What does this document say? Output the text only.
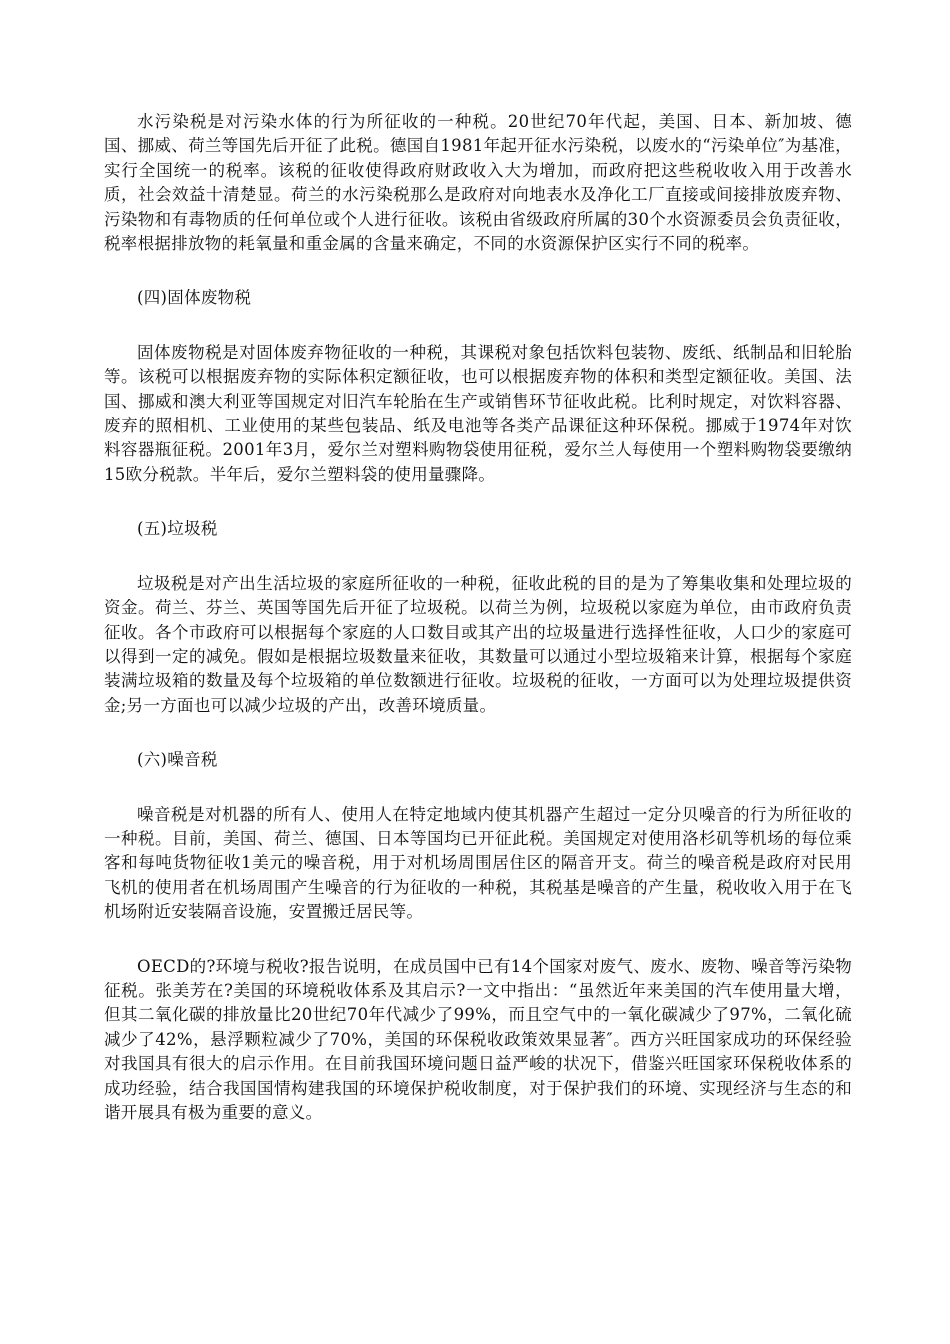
水污染税是对污染水体的行为所征收的一种税。20世纪70年代起，美国、日本、新加坡、德国、挪威、荷兰等国先后开征了此税。德国自1981年起开征水污染税，以废水的“污染单位″为基准，实行全国统一的税率。该税的征收使得政府财政收入大为增加，而政府把这些税收收入用于改善水质，社会效益十清楚显。荷兰的水污染税那么是政府对向地表水及净化工厂直接或间接排放废弃物、污染物和有毒物质的任何单位或个人进行征收。该税由省级政府所属的30个水资源委员会负责征收，税率根据排放物的耗氧量和重金属的含量来确定，不同的水资源保护区实行不同的税率。

(四)固体废物税

固体废物税是对固体废弃物征收的一种税，其课税对象包括饮料包装物、废纸、纸制品和旧轮胎等。该税可以根据废弃物的实际体积定额征收，也可以根据废弃物的体积和类型定额征收。美国、法国、挪威和澳大利亚等国规定对旧汽车轮胎在生产或销售环节征收此税。比利时规定，对饮料容器、废弃的照相机、工业使用的某些包装品、纸及电池等各类产品课征这种环保税。挪威于1974年对饮料容器瓶征税。2001年3月，爱尔兰对塑料购物袋使用征税，爱尔兰人每使用一个塑料购物袋要缴纳15欧分税款。半年后，爱尔兰塑料袋的使用量骤降。

(五)垃圾税

垃圾税是对产出生活垃圾的家庭所征收的一种税，征收此税的目的是为了筹集收集和处理垃圾的资金。荷兰、芬兰、英国等国先后开征了垃圾税。以荷兰为例，垃圾税以家庭为单位，由市政府负责征收。各个市政府可以根据每个家庭的人口数目或其产出的垃圾量进行选择性征收，人口少的家庭可以得到一定的减免。假如是根据垃圾数量来征收，其数量可以通过小型垃圾箱来计算，根据每个家庭装满垃圾箱的数量及每个垃圾箱的单位数额进行征收。垃圾税的征收，一方面可以为处理垃圾提供资金;另一方面也可以减少垃圾的产出，改善环境质量。

(六)噪音税

噪音税是对机器的所有人、使用人在特定地域内使其机器产生超过一定分贝噪音的行为所征收的一种税。目前，美国、荷兰、德国、日本等国均已开征此税。美国规定对使用洛杉矶等机场的每位乘客和每吨货物征收1美元的噪音税，用于对机场周围居住区的隔音开支。荷兰的噪音税是政府对民用飞机的使用者在机场周围产生噪音的行为征收的一种税，其税基是噪音的产生量，税收收入用于在飞机场附近安装隔音设施，安置搬迁居民等。

OECD的?环境与税收?报告说明，在成员国中已有14个国家对废气、废水、废物、噪音等污染物征税。张美芳在?美国的环境税收体系及其启示?一文中指出：“虽然近年来美国的汽车使用量大增，但其二氧化碳的排放量比20世纪70年代减少了99%，而且空气中的一氧化碳减少了97%，二氧化硫减少了42%，悬浮颗粒减少了70%，美国的环保税收政策效果显著″。西方兴旺国家成功的环保经验对我国具有很大的启示作用。在目前我国环境问题日益严峻的状况下，借鉴兴旺国家环保税收体系的成功经验，结合我国国情构建我国的环境保护税收制度，对于保护我们的环境、实现经济与生态的和谐开展具有极为重要的意义。
